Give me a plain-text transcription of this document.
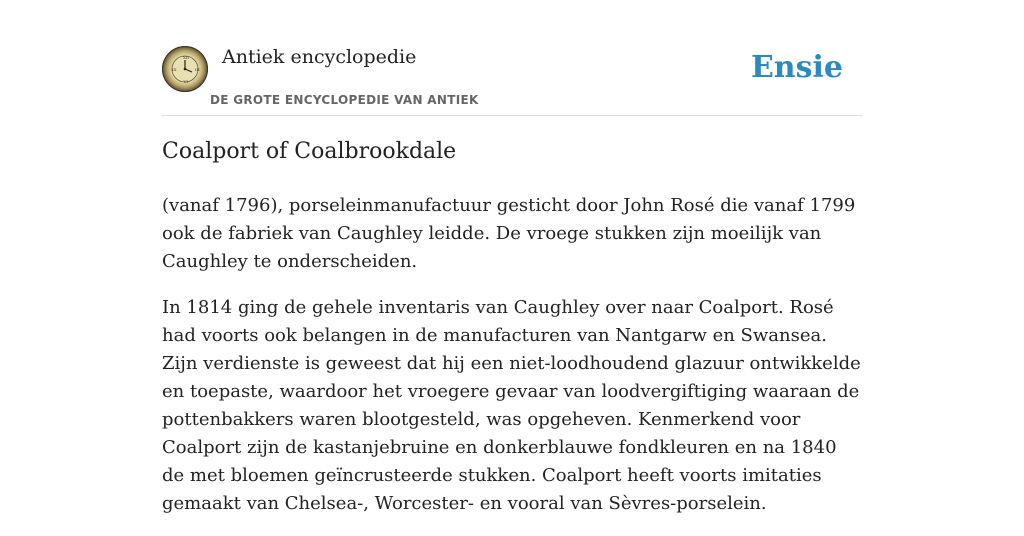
XII
III
VI
IX
Antiek encyclopedie
DE GROTE ENCYCLOPEDIE VAN ANTIEK
Ensie
Coalport of Coalbrookdale

(vanaf 1796), porseleinmanufactuur gesticht door John Rosé die vanaf 1799 ook de fabriek van Caughley leidde. De vroege stukken zijn moeilijk van Caughley te onderscheiden.

In 1814 ging de gehele inventaris van Caughley over naar Coalport. Rosé had voorts ook belangen in de manufacturen van Nantgarw en Swansea. Zijn verdienste is geweest dat hij een niet-loodhoudend glazuur ontwikkelde en toepaste, waardoor het vroegere gevaar van loodvergiftiging waaraan de pottenbakkers waren blootgesteld, was opgeheven. Kenmerkend voor Coalport zijn de kastanjebruine en donkerblauwe fondkleuren en na 1840 de met bloemen geïncrusteerde stukken. Coalport heeft voorts imitaties gemaakt van Chelsea-, Worcester- en vooral van Sèvres-porselein.
